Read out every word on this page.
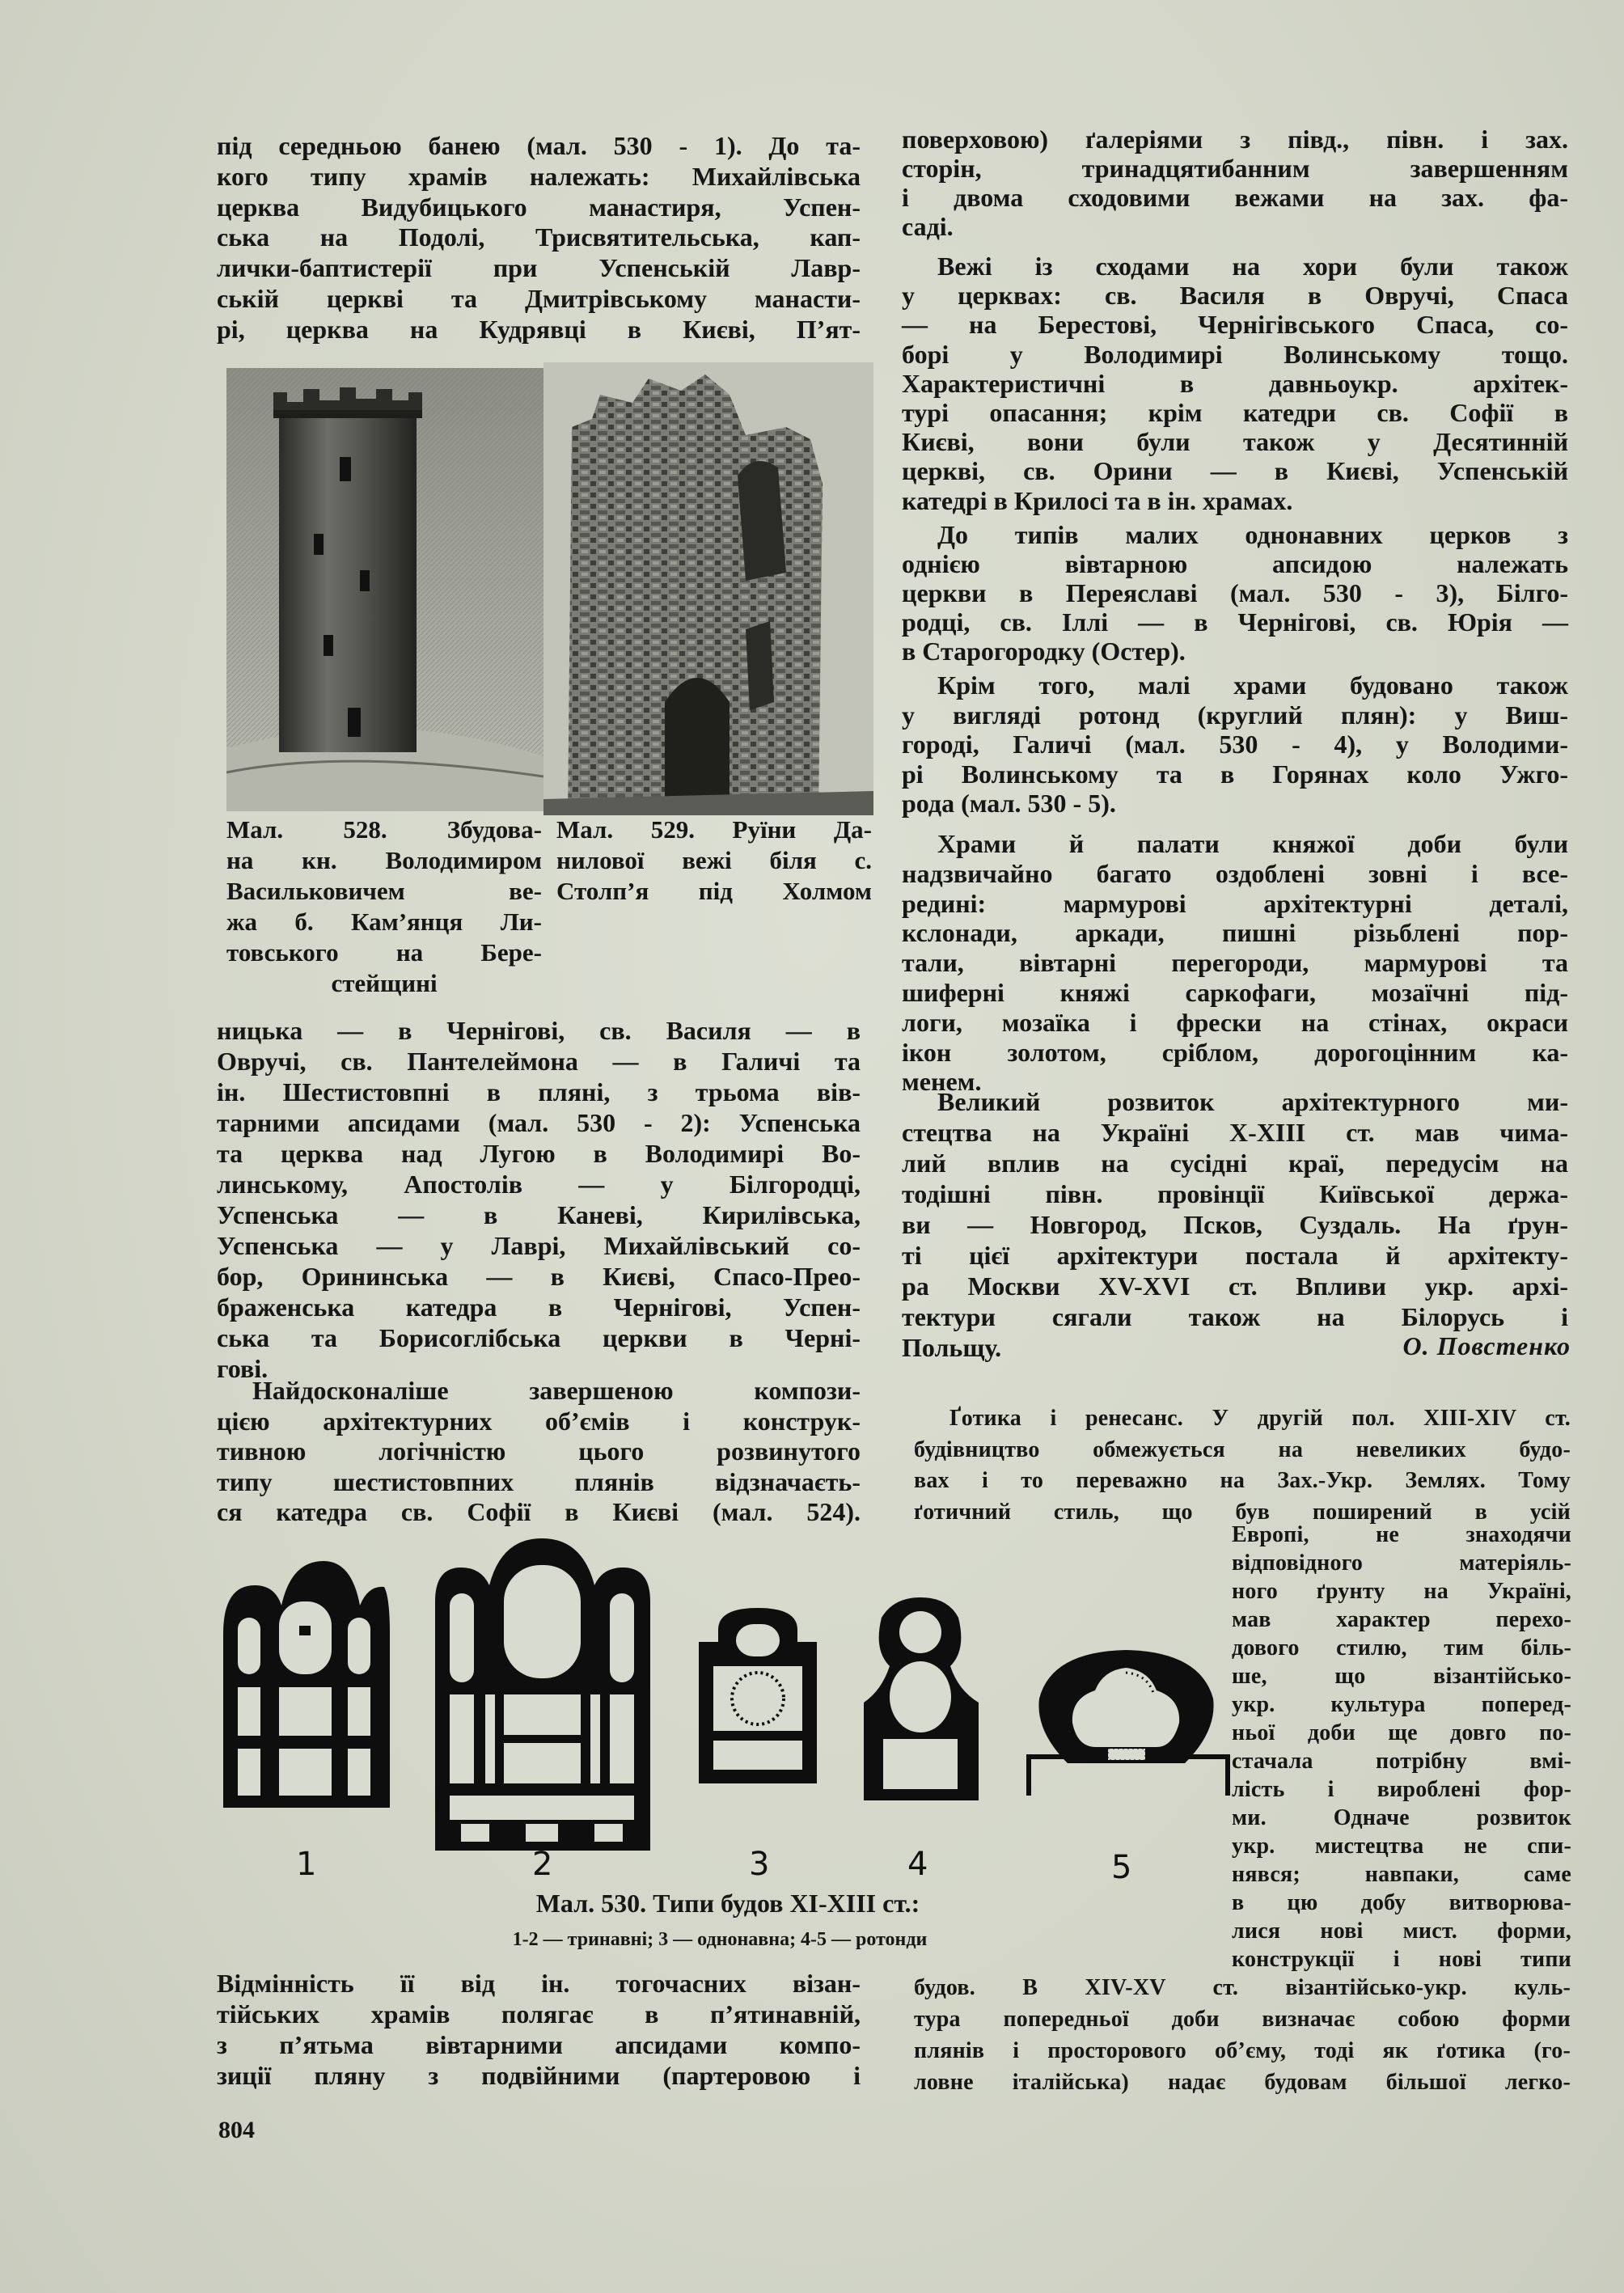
під середньою банею (мал. 530 - 1). До та-
кого типу храмів належать: Михайлівська
церква Видубицького манастиря, Успен-
ська на Подолі, Трисвятительська, кап-
лички-баптистерії при Успенській Лавр-
ській церкві та Дмитрівському манасти-
рі, церква на Кудрявці в Києві, П’ят-
Мал. 528. Збудова-
на кн. Володимиром
Васильковичем ве-
жа б. Кам’янця Ли-
товського на Бере-
стейщині
Мал. 529. Руїни Да-
нилової вежі біля с.
Столп’я під Холмом
ницька — в Чернігові, св. Василя — в
Овручі, св. Пантелеймона — в Галичі та
ін. Шестистовпні в пляні, з трьома вів-
тарними апсидами (мал. 530 - 2): Успенська
та церква над Лугою в Володимирі Во-
линському, Апостолів — у Білгородці,
Успенська — в Каневі, Кирилівська,
Успенська — у Лаврі, Михайлівський со-
бор, Орининська — в Києві, Спасо-Прео-
браженська катедра в Чернігові, Успен-
ська та Борисоглібська церкви в Черні-
гові.
Найдосконаліше завершеною компози-
цією архітектурних об’ємів і конструк-
тивною логічністю цього розвинутого
типу шестистовпних плянів відзначаєть-
ся катедра св. Софії в Києві (мал. 524).
1	2	3	4	5
Мал. 530. Типи будов XI-XIII ст.:
1-2 — тринавні; 3 — однонавна; 4-5 — ротонди
Відмінність її від ін. тогочасних візан-
тійських храмів полягає в п’ятинавній,
з п’ятьма вівтарними апсидами компо-
зиції пляну з подвійними (партеровою і
804
поверховою) ґалеріями з півд., півн. і зах.
сторін, тринадцятибанним завершенням
і двома сходовими вежами на зах. фа-
саді.
Вежі із сходами на хори були також
у церквах: св. Василя в Овручі, Спаса
— на Берестові, Чернігівського Спаса, со-
борі у Володимирі Волинському тощо.
Характеристичні в давньоукр. архітек-
турі опасання; крім катедри св. Софії в
Києві, вони були також у Десятинній
церкві, св. Орини — в Києві, Успенській
катедрі в Крилосі та в ін. храмах.
До типів малих однонавних церков з
однією вівтарною апсидою належать
церкви в Переяславі (мал. 530 - 3), Білго-
родці, св. Іллі — в Чернігові, св. Юрія —
в Старогородку (Остер).
Крім того, малі храми будовано також
у вигляді ротонд (круглий плян): у Виш-
городі, Галичі (мал. 530 - 4), у Володими-
рі Волинському та в Горянах коло Ужго-
рода (мал. 530 - 5).
Храми й палати княжої доби були
надзвичайно багато оздоблені зовні і все-
редині: мармурові архітектурні деталі,
кслонади, аркади, пишні різьблені пор-
тали, вівтарні перегороди, мармурові та
шиферні княжі саркофаги, мозаїчні під-
логи, мозаїка і фрески на стінах, окраси
ікон золотом, сріблом, дорогоцінним ка-
менем.
Великий розвиток архітектурного ми-
стецтва на Україні X-XIII ст. мав чима-
лий вплив на сусідні краї, передусім на
тодішні півн. провінції Київської держа-
ви — Новгород, Псков, Суздаль. На ґрун-
ті цієї архітектури постала й архітекту-
ра Москви XV-XVI ст. Впливи укр. архі-
тектури сягали також на Білорусь і
Польщу.	О. Повстенко
Ґотика і ренесанс. У другій пол. XIII-XIV ст.
будівництво обмежується на невеликих будо-
вах і то переважно на Зах.-Укр. Землях. Тому
ґотичний стиль, що був поширений в усій
Европі, не знаходячи
відповідного матеріяль-
ного ґрунту на Україні,
мав характер перехо-
дового стилю, тим біль-
ше, що візантійсько-
укр. культура поперед-
ньої доби ще довго по-
стачала потрібну вмі-
лість і вироблені фор-
ми. Одначе розвиток
укр. мистецтва не спи-
нявся; навпаки, саме
в цю добу витворюва-
лися нові мист. форми,
конструкції і нові типи
будов. В XIV-XV ст. візантійсько-укр. куль-
тура попередньої доби визначає собою форми
плянів і просторового об’єму, тоді як ґотика (го-
ловне італійська) надає будовам більшої легко-
